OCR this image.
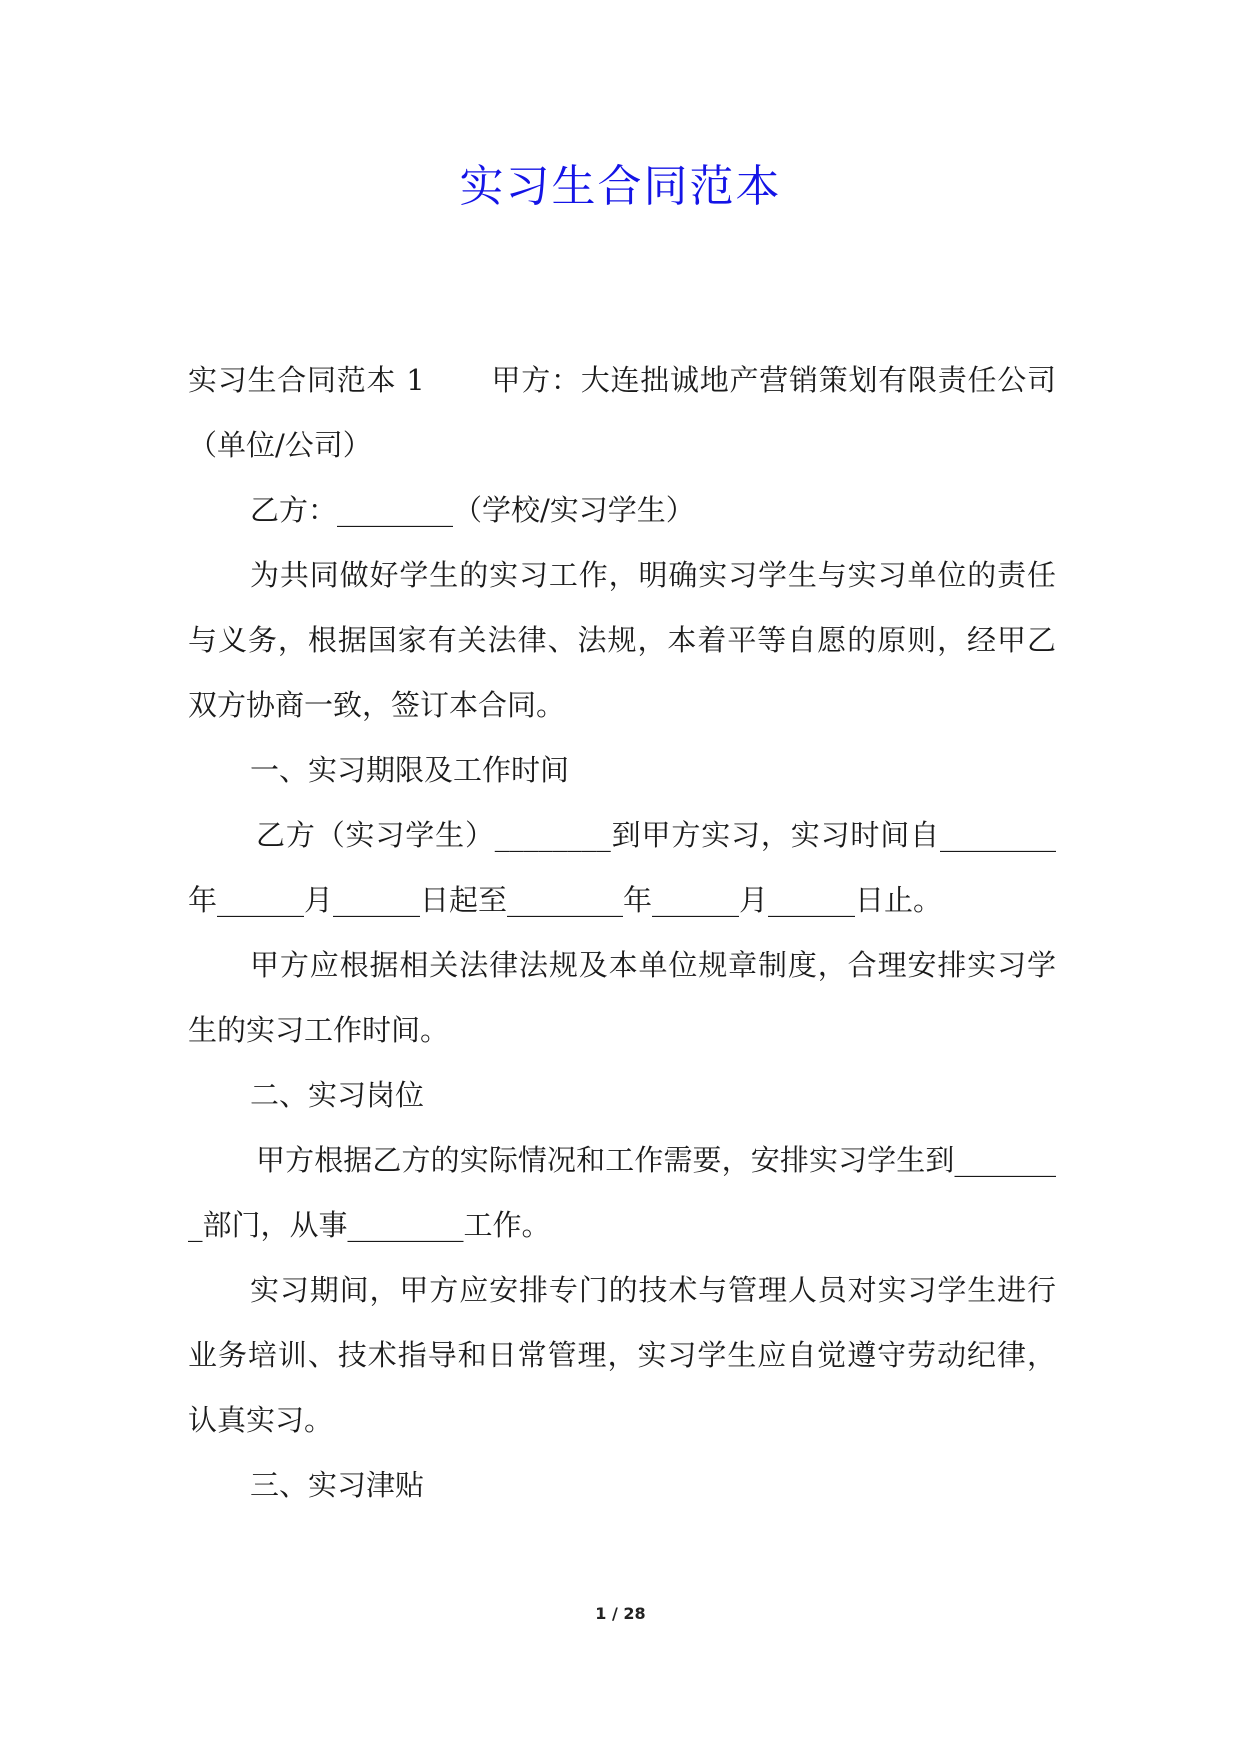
实习生合同范本

实习生合同范本 1 甲方：大连拙诚地产营销策划有限责任公司（单位/公司）

乙方：________（学校/实习学生）

为共同做好学生的实习工作，明确实习学生与实习单位的责任与义务，根据国家有关法律、法规，本着平等自愿的原则，经甲乙双方协商一致，签订本合同。

一、实习期限及工作时间

乙方（实习学生）________到甲方实习，实习时间自________年______月______日起至________年______月______日止。

甲方应根据相关法律法规及本单位规章制度，合理安排实习学生的实习工作时间。

二、实习岗位

甲方根据乙方的实际情况和工作需要，安排实习学生到________部门，从事________工作。

实习期间，甲方应安排专门的技术与管理人员对实习学生进行业务培训、技术指导和日常管理，实习学生应自觉遵守劳动纪律，认真实习。

三、实习津贴

1 / 28
